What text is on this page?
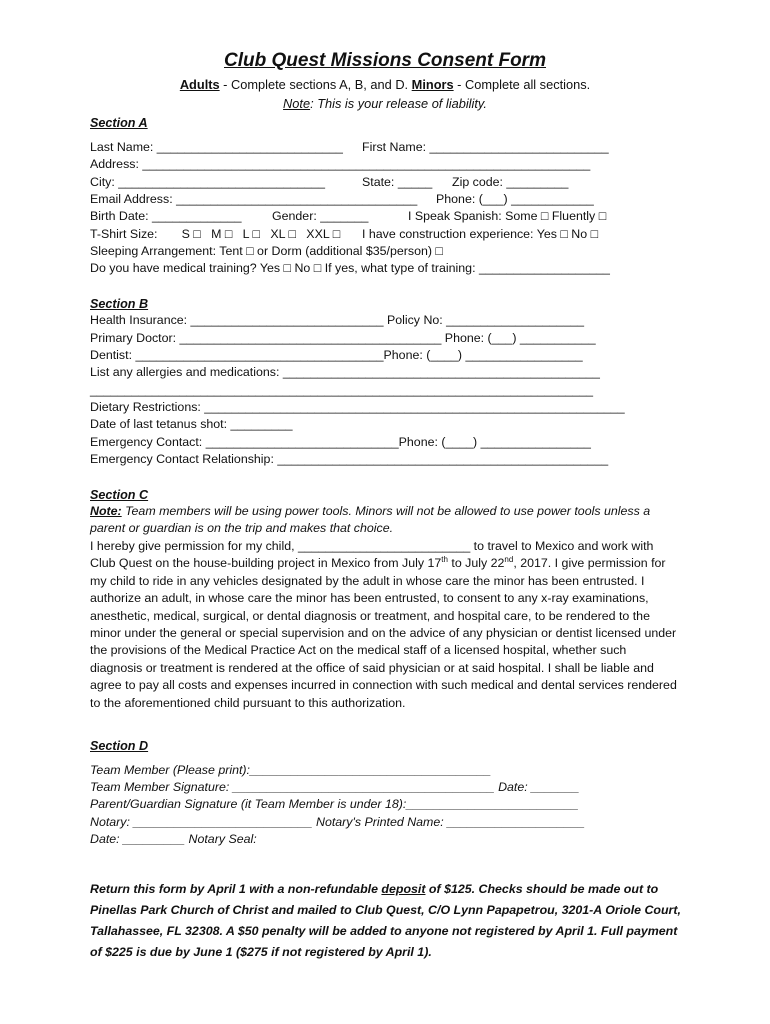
Club Quest Missions Consent Form
Adults - Complete sections A, B, and D. Minors - Complete all sections.
Note: This is your release of liability.
Section A
Last Name: ___________________________ First Name: __________________________
Address: _________________________________________________________________
City: ______________________________	State: _____ Zip code: _________
Email Address: ___________________________________ Phone: (___) ____________
Birth Date: _____________ Gender: _______	I Speak Spanish: Some □ Fluently □
T-Shirt Size:       S □   M □   L □   XL □   XXL □ I have construction experience: Yes □ No □
Sleeping Arrangement: Tent □ or Dorm (additional $35/person) □
Do you have medical training? Yes □ No □ If yes, what type of training: ___________________
Section B
Health Insurance: ____________________________ Policy No: ____________________
Primary Doctor: ______________________________________ Phone: (___) ___________
Dentist: ____________________________________Phone: (____) _________________
List any allergies and medications: ______________________________________________
_________________________________________________________________________
Dietary Restrictions: _____________________________________________________________
Date of last tetanus shot: _________
Emergency Contact: ____________________________Phone: (____) ________________
Emergency Contact Relationship: ________________________________________________
Section C
Note: Team members will be using power tools. Minors will not be allowed to use power tools unless a parent or guardian is on the trip and makes that choice.
I hereby give permission for my child, _________________________ to travel to Mexico and work with Club Quest on the house-building project in Mexico from July 17th to July 22nd, 2017. I give permission for my child to ride in any vehicles designated by the adult in whose care the minor has been entrusted. I authorize an adult, in whose care the minor has been entrusted, to consent to any x-ray examinations, anesthetic, medical, surgical, or dental diagnosis or treatment, and hospital care, to be rendered to the minor under the general or special supervision and on the advice of any physician or dentist licensed under the provisions of the Medical Practice Act on the medical staff of a licensed hospital, whether such diagnosis or treatment is rendered at the office of said physician or at said hospital. I shall be liable and agree to pay all costs and expenses incurred in connection with such medical and dental services rendered to the aforementioned child pursuant to this authorization.
Section D
Team Member (Please print):___________________________________
Team Member Signature: ______________________________________ Date: _______
Parent/Guardian Signature (it Team Member is under 18):_________________________
Notary: __________________________ Notary's Printed Name: ____________________
Date: _________ Notary Seal:
Return this form by April 1 with a non-refundable deposit of $125. Checks should be made out to Pinellas Park Church of Christ and mailed to Club Quest, C/O Lynn Papapetrou, 3201-A Oriole Court, Tallahassee, FL 32308. A $50 penalty will be added to anyone not registered by April 1. Full payment of $225 is due by June 1 ($275 if not registered by April 1).
